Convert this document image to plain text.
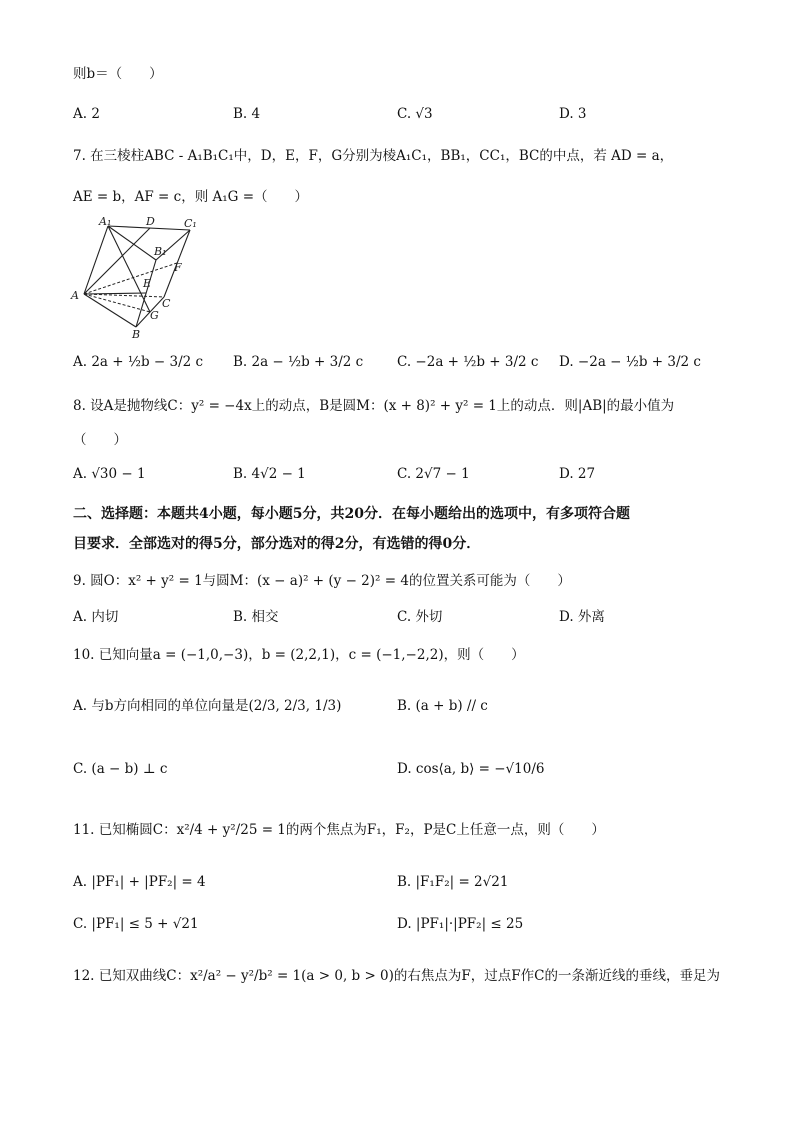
则b＝（　　）
A. 2	B. 4	C. √3	D. 3
7. 在三棱柱ABC - A₁B₁C₁中，D，E，F，G分别为棱A₁C₁，BB₁，CC₁，BC的中点，若 AD = a，
AE = b，AF = c，则 A₁G =（　　）
A₁	D	C₁
B₁
F
E
A
C
G
B
A. 2a + ½b − 3/2 c B. 2a − ½b + 3/2 c	C. −2a + ½b + 3/2 c D. −2a − ½b + 3/2 c
8. 设A是抛物线C：y² = −4x上的动点，B是圆M：(x + 8)² + y² = 1上的动点．则|AB|的最小值为
（　　）
A. √30 − 1	B. 4√2 − 1	C. 2√7 − 1	D. 27
二、选择题：本题共4小题，每小题5分，共20分．在每小题给出的选项中，有多项符合题
目要求．全部选对的得5分，部分选对的得2分，有选错的得0分．
9. 圆O：x² + y² = 1与圆M：(x − a)² + (y − 2)² = 4的位置关系可能为（　　）
A. 内切	B. 相交	C. 外切	D. 外离
10. 已知向量a = (−1,0,−3)，b = (2,2,1)，c = (−1,−2,2)，则（　　）
A. 与b方向相同的单位向量是(2/3, 2/3, 1/3)	B. (a + b) // c
C. (a − b) ⊥ c	D. cos⟨a, b⟩ = −√10/6
11. 已知椭圆C：x²/4 + y²/25 = 1的两个焦点为F₁，F₂，P是C上任意一点，则（　　）
A. |PF₁| + |PF₂| = 4	B. |F₁F₂| = 2√21
C. |PF₁| ≤ 5 + √21	D. |PF₁|·|PF₂| ≤ 25
12. 已知双曲线C：x²/a² − y²/b² = 1(a > 0, b > 0)的右焦点为F，过点F作C的一条渐近线的垂线，垂足为
